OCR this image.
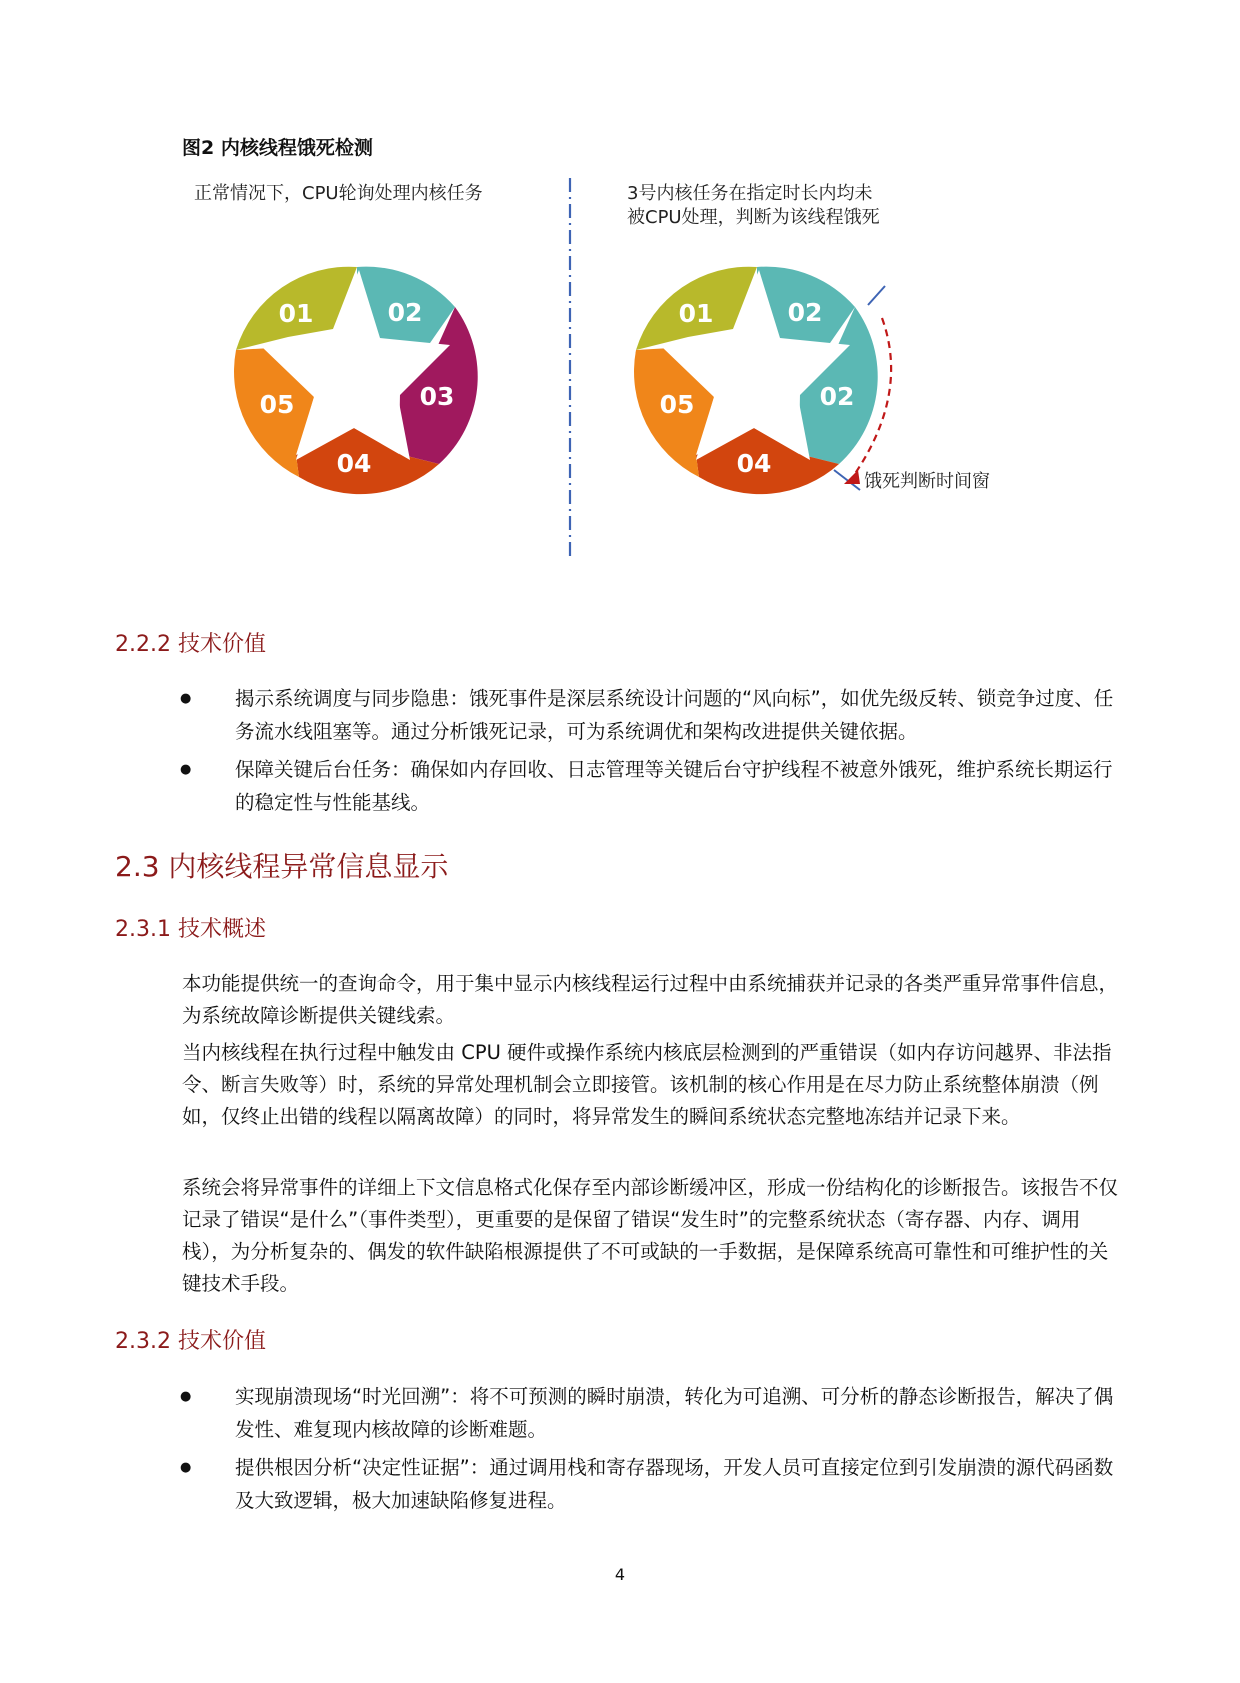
图2 内核线程饿死检测
正常情况下，CPU轮询处理内核任务	3号内核任务在指定时长内均未
被CPU处理，判断为该线程饿死
01	02
03
04
05
01	02
02
04
05
饿死判断时间窗
2.2.2 技术价值
● 揭示系统调度与同步隐患：饿死事件是深层系统设计问题的“风向标”，如优先级反转、锁竞争过度、任务流水线阻塞等。通过分析饿死记录，可为系统调优和架构改进提供关键依据。
● 保障关键后台任务：确保如内存回收、日志管理等关键后台守护线程不被意外饿死，维护系统长期运行的稳定性与性能基线。
2.3 内核线程异常信息显示
2.3.1 技术概述

本功能提供统一的查询命令，用于集中显示内核线程运行过程中由系统捕获并记录的各类严重异常事件信息，为系统故障诊断提供关键线索。

当内核线程在执行过程中触发由 CPU 硬件或操作系统内核底层检测到的严重错误（如内存访问越界、非法指令、断言失败等）时，系统的异常处理机制会立即接管。该机制的核心作用是在尽力防止系统整体崩溃（例如，仅终止出错的线程以隔离故障）的同时，将异常发生的瞬间系统状态完整地冻结并记录下来。

系统会将异常事件的详细上下文信息格式化保存至内部诊断缓冲区，形成一份结构化的诊断报告。该报告不仅记录了错误“是什么”（事件类型），更重要的是保留了错误“发生时”的完整系统状态（寄存器、内存、调用栈），为分析复杂的、偶发的软件缺陷根源提供了不可或缺的一手数据，是保障系统高可靠性和可维护性的关键技术手段。

2.3.2 技术价值
● 实现崩溃现场“时光回溯”：将不可预测的瞬时崩溃，转化为可追溯、可分析的静态诊断报告，解决了偶发性、难复现内核故障的诊断难题。
● 提供根因分析“决定性证据”：通过调用栈和寄存器现场，开发人员可直接定位到引发崩溃的源代码函数及大致逻辑，极大加速缺陷修复进程。
4
